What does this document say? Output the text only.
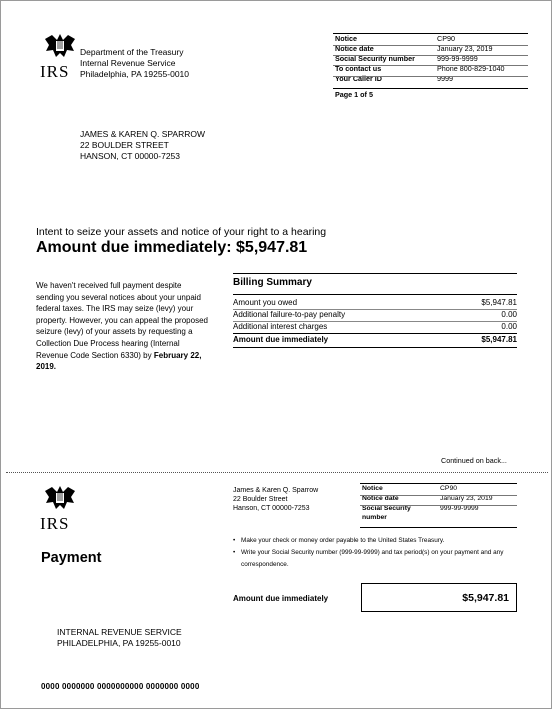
IRS
Department of the Treasury
Internal Revenue Service
Philadelphia, PA 19255-0010
Notice	CP90
Notice date	January 23, 2019
Social Security number	999-99-9999
To contact us	Phone 800-829-1040
Your Caller ID	9999
Page 1 of 5
JAMES & KAREN Q. SPARROW
22 BOULDER STREET
HANSON, CT 00000-7253
Intent to seize your assets and notice of your right to a hearing
Amount due immediately: $5,947.81
We haven't received full payment despite sending you several notices about your unpaid federal taxes. The IRS may seize (levy) your property. However, you can appeal the proposed seizure (levy) of your assets by requesting a Collection Due Process hearing (Internal Revenue Code Section 6330) by February 22, 2019.
Billing Summary
Amount you owed	$5,947.81
Additional failure-to-pay penalty	0.00
Additional interest charges	0.00
Amount due immediately	$5,947.81
Continued on back...
IRS
Payment
James & Karen Q. Sparrow
22 Boulder Street
Hanson, CT 00000-7253
Notice	CP90
Notice date	January 23, 2019
Social Security number	999-99-9999
• Make your check or money order payable to the United States Treasury.
• Write your Social Security number (999-99-9999) and tax period(s) on your payment and any correspondence.
Amount due immediately	$5,947.81
INTERNAL REVENUE SERVICE
PHILADELPHIA, PA 19255-0010
0000 0000000 0000000000 0000000 0000
